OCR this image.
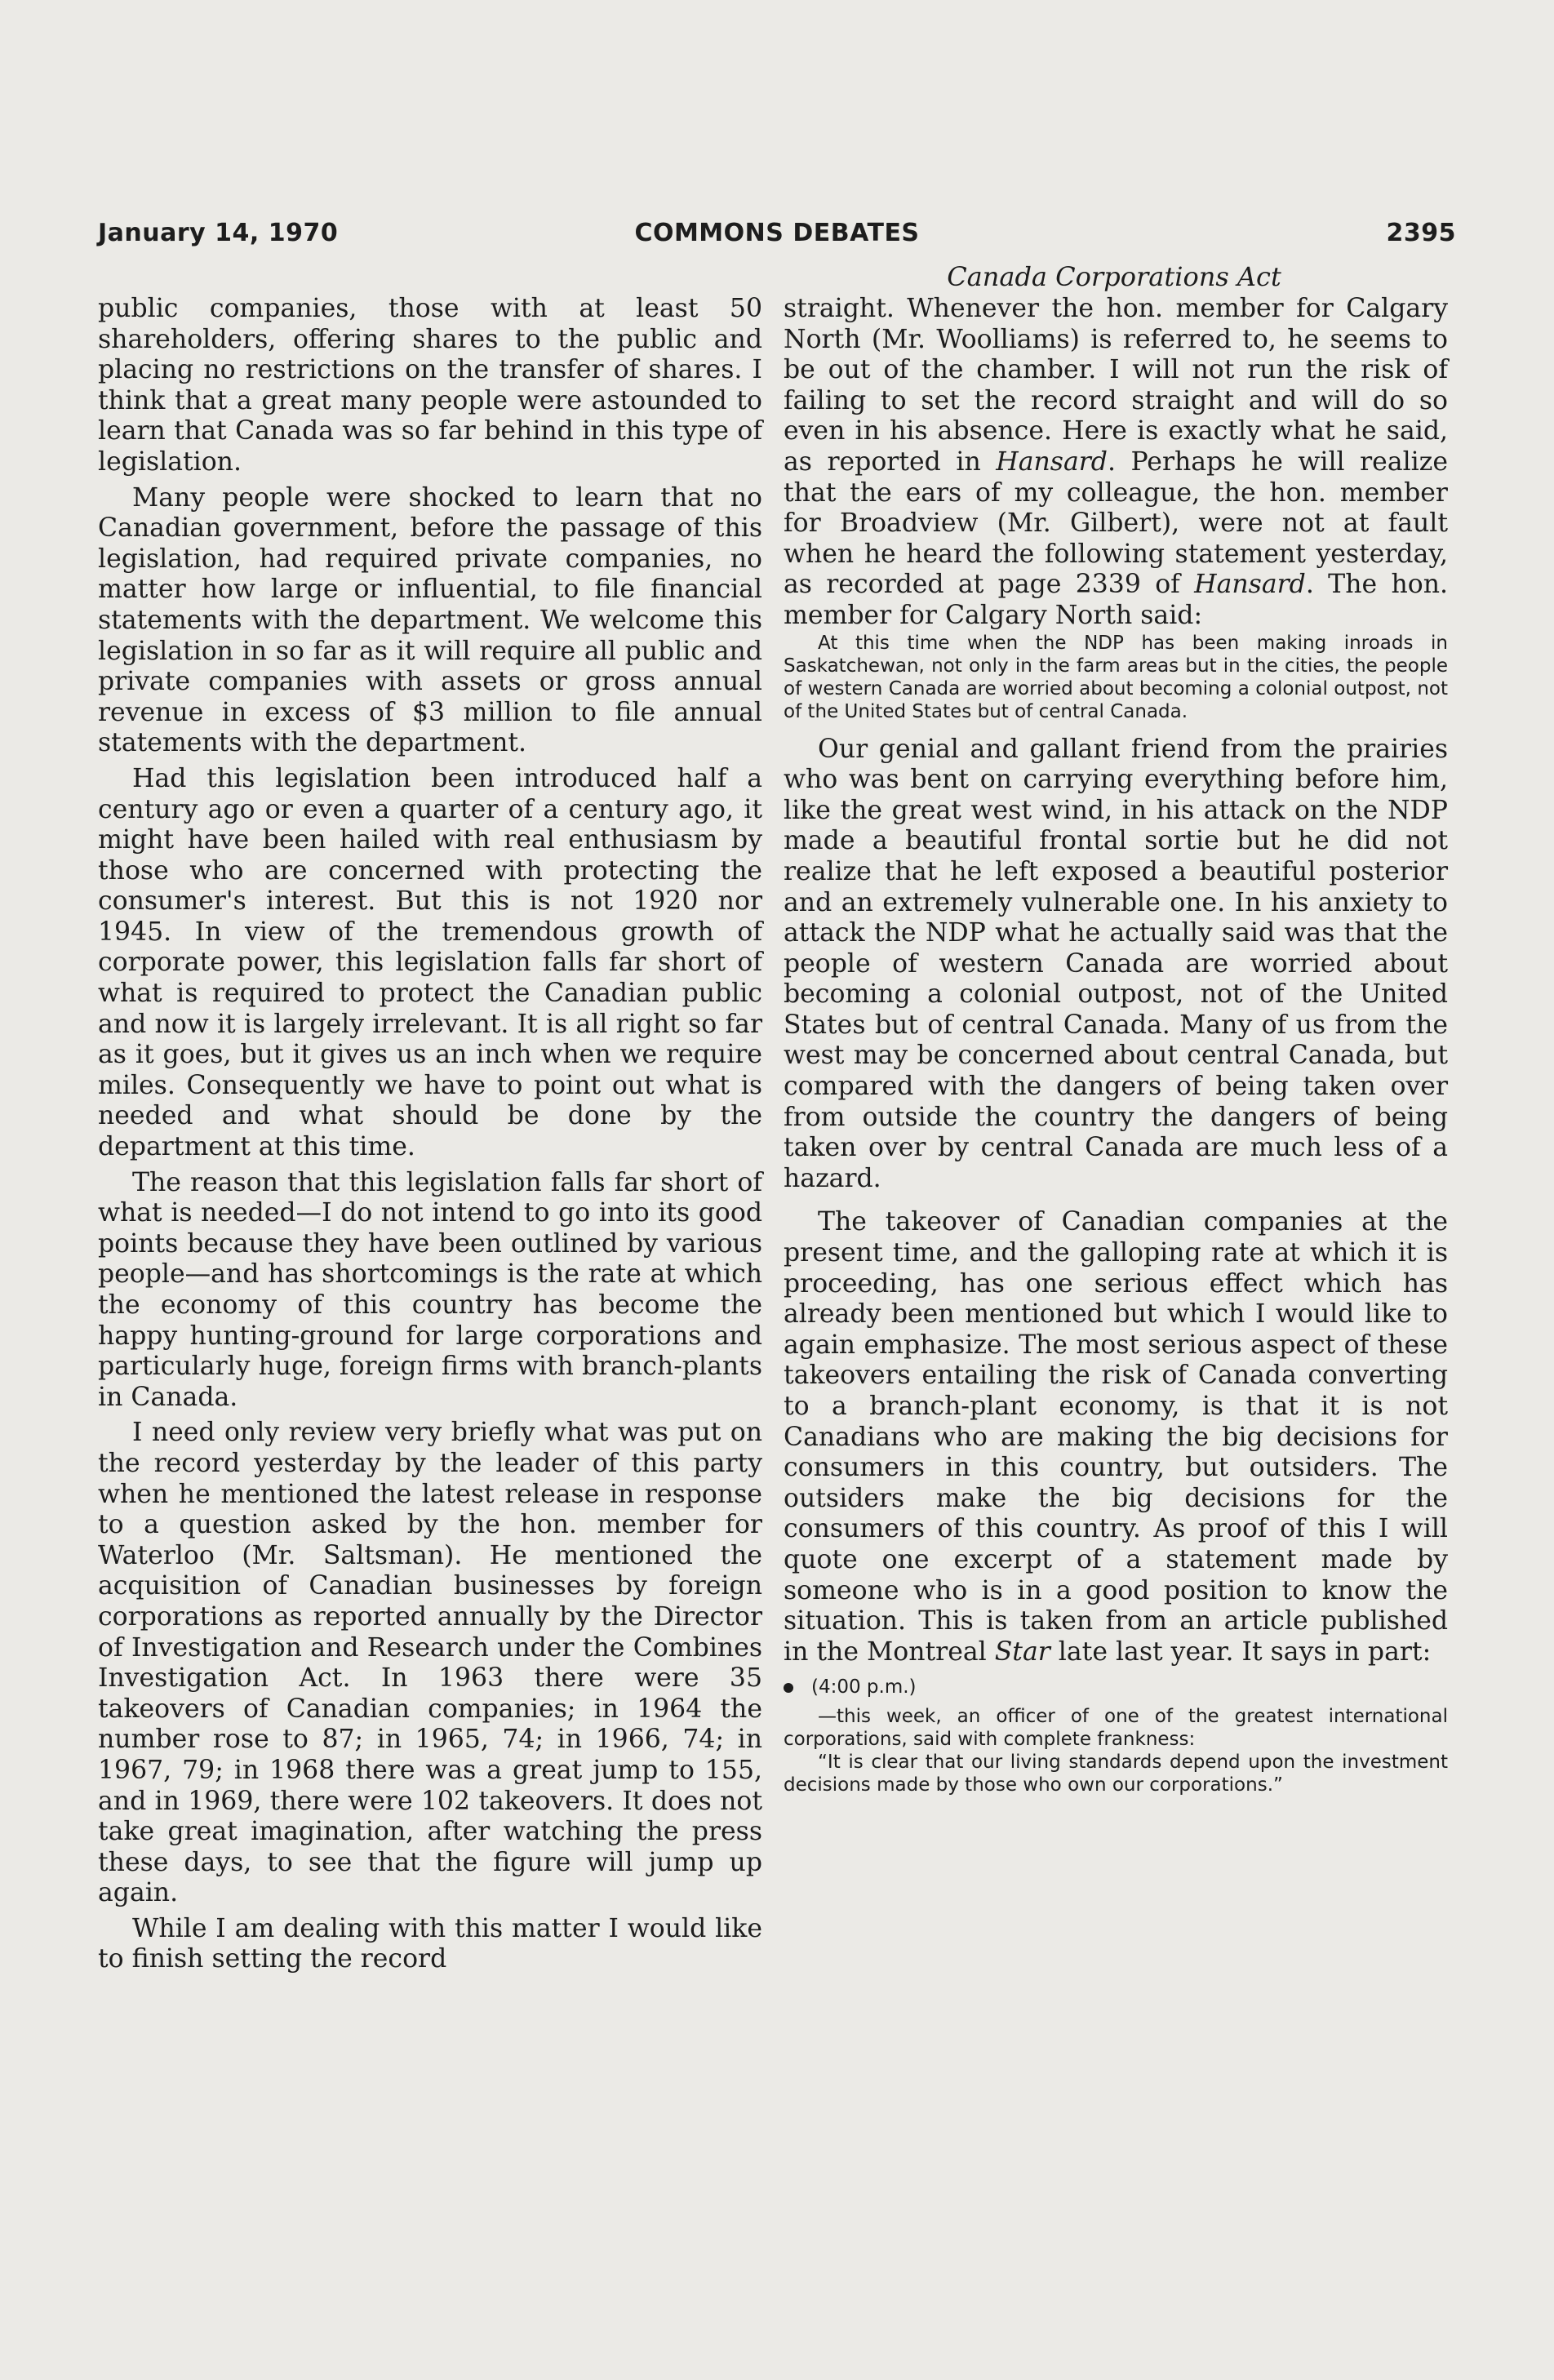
January 14, 1970	COMMONS DEBATES	2395
Canada Corporations Act

public companies, those with at least 50 shareholders, offering shares to the public and placing no restrictions on the transfer of shares. I think that a great many people were astounded to learn that Canada was so far behind in this type of legislation.

Many people were shocked to learn that no Canadian government, before the passage of this legislation, had required private companies, no matter how large or influential, to file financial statements with the department. We welcome this legislation in so far as it will require all public and private companies with assets or gross annual revenue in excess of $3 million to file annual statements with the department.

Had this legislation been introduced half a century ago or even a quarter of a century ago, it might have been hailed with real enthusiasm by those who are concerned with protecting the consumer's interest. But this is not 1920 nor 1945. In view of the tremendous growth of corporate power, this legislation falls far short of what is required to protect the Canadian public and now it is largely irrelevant. It is all right so far as it goes, but it gives us an inch when we require miles. Consequently we have to point out what is needed and what should be done by the department at this time.

The reason that this legislation falls far short of what is needed—I do not intend to go into its good points because they have been outlined by various people—and has shortcomings is the rate at which the economy of this country has become the happy hunting-ground for large corporations and particularly huge, foreign firms with branch-plants in Canada.

I need only review very briefly what was put on the record yesterday by the leader of this party when he mentioned the latest release in response to a question asked by the hon. member for Waterloo (Mr. Saltsman). He mentioned the acquisition of Canadian businesses by foreign corporations as reported annually by the Director of Investigation and Research under the Combines Investigation Act. In 1963 there were 35 takeovers of Canadian companies; in 1964 the number rose to 87; in 1965, 74; in 1966, 74; in 1967, 79; in 1968 there was a great jump to 155, and in 1969, there were 102 takeovers. It does not take great imagination, after watching the press these days, to see that the figure will jump up again.

While I am dealing with this matter I would like to finish setting the record

straight. Whenever the hon. member for Calgary North (Mr. Woolliams) is referred to, he seems to be out of the chamber. I will not run the risk of failing to set the record straight and will do so even in his absence. Here is exactly what he said, as reported in Hansard. Perhaps he will realize that the ears of my colleague, the hon. member for Broadview (Mr. Gilbert), were not at fault when he heard the following statement yesterday, as recorded at page 2339 of Hansard. The hon. member for Calgary North said:

At this time when the NDP has been making inroads in Saskatchewan, not only in the farm areas but in the cities, the people of western Canada are worried about becoming a colonial outpost, not of the United States but of central Canada.

Our genial and gallant friend from the prairies who was bent on carrying everything before him, like the great west wind, in his attack on the NDP made a beautiful frontal sortie but he did not realize that he left exposed a beautiful posterior and an extremely vulnerable one. In his anxiety to attack the NDP what he actually said was that the people of western Canada are worried about becoming a colonial outpost, not of the United States but of central Canada. Many of us from the west may be concerned about central Canada, but compared with the dangers of being taken over from outside the country the dangers of being taken over by central Canada are much less of a hazard.

The takeover of Canadian companies at the present time, and the galloping rate at which it is proceeding, has one serious effect which has already been mentioned but which I would like to again emphasize. The most serious aspect of these takeovers entailing the risk of Canada converting to a branch-plant economy, is that it is not Canadians who are making the big decisions for consumers in this country, but outsiders. The outsiders make the big decisions for the consumers of this country. As proof of this I will quote one excerpt of a statement made by someone who is in a good position to know the situation. This is taken from an article published in the Montreal Star late last year. It says in part:

(4:00 p.m.)

—this week, an officer of one of the greatest international corporations, said with complete frankness:

“It is clear that our living standards depend upon the investment decisions made by those who own our corporations.”
